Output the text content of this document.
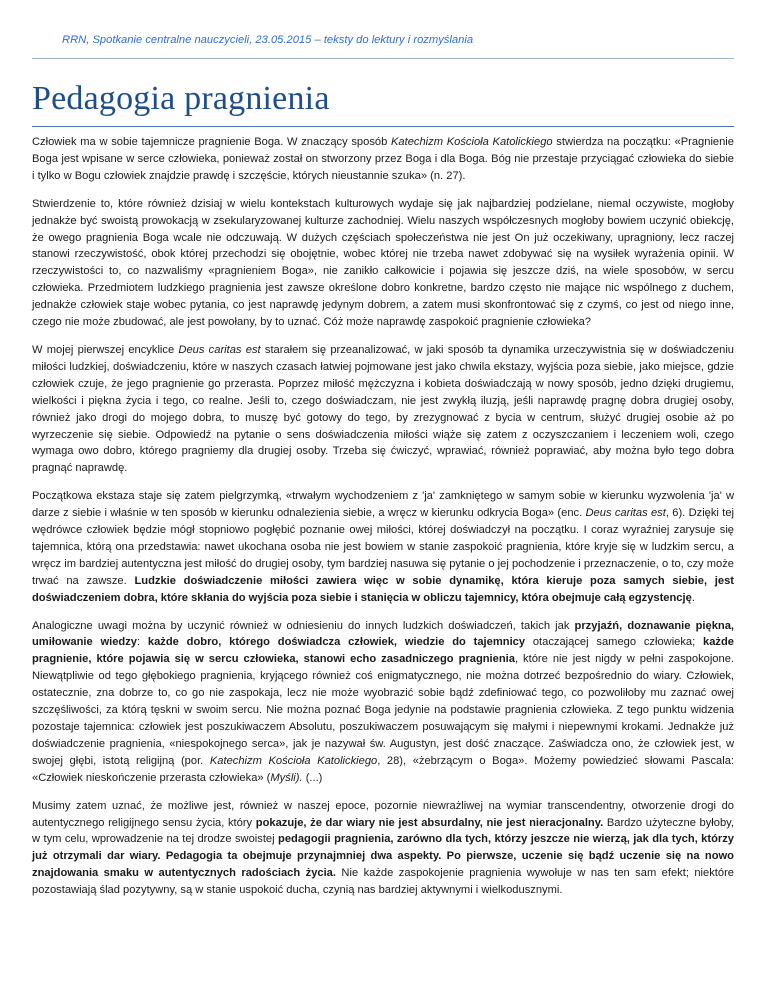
RRN, Spotkanie centralne nauczycieli, 23.05.2015 – teksty do lektury i rozmyślania
Pedagogia pragnienia

Człowiek ma w sobie tajemnicze pragnienie Boga. W znaczący sposób Katechizm Kościoła Katolickiego stwierdza na początku: «Pragnienie Boga jest wpisane w serce człowieka, ponieważ został on stworzony przez Boga i dla Boga. Bóg nie przestaje przyciągać człowieka do siebie i tylko w Bogu człowiek znajdzie prawdę i szczęście, których nieustannie szuka» (n. 27).

Stwierdzenie to, które również dzisiaj w wielu kontekstach kulturowych wydaje się jak najbardziej podzielane, niemal oczywiste, mogłoby jednakże być swoistą prowokacją w zsekularyzowanej kulturze zachodniej. Wielu naszych współczesnych mogłoby bowiem uczynić obiekcję, że owego pragnienia Boga wcale nie odczuwają. W dużych częściach społeczeństwa nie jest On już oczekiwany, upragniony, lecz raczej stanowi rzeczywistość, obok której przechodzi się obojętnie, wobec której nie trzeba nawet zdobywać się na wysiłek wyrażenia opinii. W rzeczywistości to, co nazwaliśmy «pragnieniem Boga», nie zanikło całkowicie i pojawia się jeszcze dziś, na wiele sposobów, w sercu człowieka. Przedmiotem ludzkiego pragnienia jest zawsze określone dobro konkretne, bardzo często nie mające nic wspólnego z duchem, jednakże człowiek staje wobec pytania, co jest naprawdę jedynym dobrem, a zatem musi skonfrontować się z czymś, co jest od niego inne, czego nie może zbudować, ale jest powołany, by to uznać. Cóż może naprawdę zaspokoić pragnienie człowieka?

W mojej pierwszej encyklice Deus caritas est starałem się przeanalizować, w jaki sposób ta dynamika urzeczywistnia się w doświadczeniu miłości ludzkiej, doświadczeniu, które w naszych czasach łatwiej pojmowane jest jako chwila ekstazy, wyjścia poza siebie, jako miejsce, gdzie człowiek czuje, że jego pragnienie go przerasta. Poprzez miłość mężczyzna i kobieta doświadczają w nowy sposób, jedno dzięki drugiemu, wielkości i piękna życia i tego, co realne. Jeśli to, czego doświadczam, nie jest zwykłą iluzją, jeśli naprawdę pragnę dobra drugiej osoby, również jako drogi do mojego dobra, to muszę być gotowy do tego, by zrezygnować z bycia w centrum, służyć drugiej osobie aż po wyrzeczenie się siebie. Odpowiedź na pytanie o sens doświadczenia miłości wiąże się zatem z oczyszczaniem i leczeniem woli, czego wymaga owo dobro, którego pragniemy dla drugiej osoby. Trzeba się ćwiczyć, wprawiać, również poprawiać, aby można było tego dobra pragnąć naprawdę.

Początkowa ekstaza staje się zatem pielgrzymką, «trwałym wychodzeniem z 'ja' zamkniętego w samym sobie w kierunku wyzwolenia 'ja' w darze z siebie i właśnie w ten sposób w kierunku odnalezienia siebie, a wręcz w kierunku odkrycia Boga» (enc. Deus caritas est, 6). Dzięki tej wędrówce człowiek będzie mógł stopniowo pogłębić poznanie owej miłości, której doświadczył na początku. I coraz wyraźniej zarysuje się tajemnica, którą ona przedstawia: nawet ukochana osoba nie jest bowiem w stanie zaspokoić pragnienia, które kryje się w ludzkim sercu, a wręcz im bardziej autentyczna jest miłość do drugiej osoby, tym bardziej nasuwa się pytanie o jej pochodzenie i przeznaczenie, o to, czy może trwać na zawsze. Ludzkie doświadczenie miłości zawiera więc w sobie dynamikę, która kieruje poza samych siebie, jest doświadczeniem dobra, które skłania do wyjścia poza siebie i stanięcia w obliczu tajemnicy, która obejmuje całą egzystencję.

Analogiczne uwagi można by uczynić również w odniesieniu do innych ludzkich doświadczeń, takich jak przyjaźń, doznawanie piękna, umiłowanie wiedzy: każde dobro, którego doświadcza człowiek, wiedzie do tajemnicy otaczającej samego człowieka; każde pragnienie, które pojawia się w sercu człowieka, stanowi echo zasadniczego pragnienia, które nie jest nigdy w pełni zaspokojone. Niewątpliwie od tego głębokiego pragnienia, kryjącego również coś enigmatycznego, nie można dotrzeć bezpośrednio do wiary. Człowiek, ostatecznie, zna dobrze to, co go nie zaspokaja, lecz nie może wyobrazić sobie bądź zdefiniować tego, co pozwoliłoby mu zaznać owej szczęśliwości, za którą tęskni w swoim sercu. Nie można poznać Boga jedynie na podstawie pragnienia człowieka. Z tego punktu widzenia pozostaje tajemnica: człowiek jest poszukiwaczem Absolutu, poszukiwaczem posuwającym się małymi i niepewnymi krokami. Jednakże już doświadczenie pragnienia, «niespokojnego serca», jak je nazywał św. Augustyn, jest dość znaczące. Zaświadcza ono, że człowiek jest, w swojej głębi, istotą religijną (por. Katechizm Kościoła Katolickiego, 28), «żebrzącym o Boga». Możemy powiedzieć słowami Pascala: «Człowiek nieskończenie przerasta człowieka» (Myśli). (...)

Musimy zatem uznać, że możliwe jest, również w naszej epoce, pozornie niewrażliwej na wymiar transcendentny, otworzenie drogi do autentycznego religijnego sensu życia, który pokazuje, że dar wiary nie jest absurdalny, nie jest nieracjonalny. Bardzo użyteczne byłoby, w tym celu, wprowadzenie na tej drodze swoistej pedagogii pragnienia, zarówno dla tych, którzy jeszcze nie wierzą, jak dla tych, którzy już otrzymali dar wiary. Pedagogia ta obejmuje przynajmniej dwa aspekty. Po pierwsze, uczenie się bądź uczenie się na nowo znajdowania smaku w autentycznych radościach życia. Nie każde zaspokojenie pragnienia wywołuje w nas ten sam efekt; niektóre pozostawiają ślad pozytywny, są w stanie uspokoić ducha, czynią nas bardziej aktywnymi i wielkodusznymi.
